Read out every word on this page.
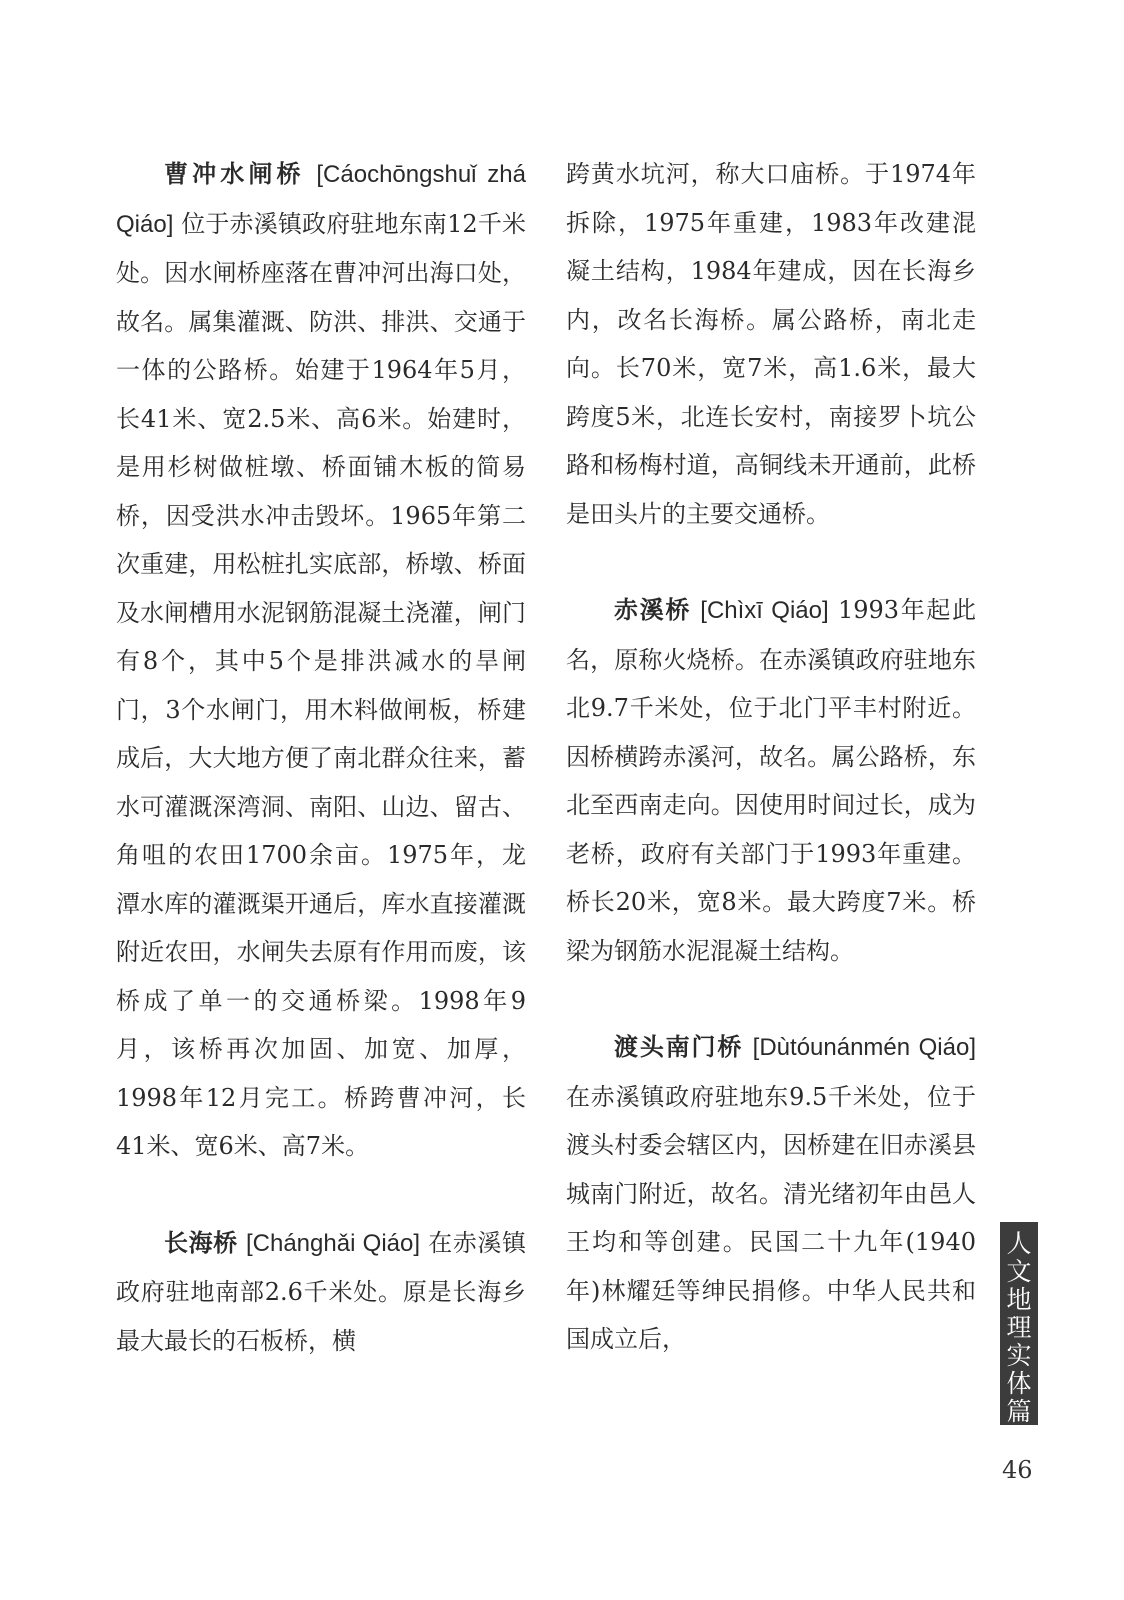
曹冲水闸桥 [Cáochōngshuǐ zhá Qiáo] 位于赤溪镇政府驻地东南12千米处。因水闸桥座落在曹冲河出海口处，故名。属集灌溉、防洪、排洪、交通于一体的公路桥。始建于1964年5月，长41米、宽2.5米、高6米。始建时，是用杉树做桩墩、桥面铺木板的简易桥，因受洪水冲击毁坏。1965年第二次重建，用松桩扎实底部，桥墩、桥面及水闸槽用水泥钢筋混凝土浇灌，闸门有8个，其中5个是排洪减水的旱闸门，3个水闸门，用木料做闸板，桥建成后，大大地方便了南北群众往来，蓄水可灌溉深湾洞、南阳、山边、留古、角咀的农田1700余亩。1975年，龙潭水库的灌溉渠开通后，库水直接灌溉附近农田，水闸失去原有作用而废，该桥成了单一的交通桥梁。1998年9月，该桥再次加固、加宽、加厚，1998年12月完工。桥跨曹冲河，长41米、宽6米、高7米。

长海桥 [Chánghǎi Qiáo] 在赤溪镇政府驻地南部2.6千米处。原是长海乡最大最长的石板桥，横

跨黄水坑河，称大口庙桥。于1974年拆除，1975年重建，1983年改建混凝土结构，1984年建成，因在长海乡内，改名长海桥。属公路桥，南北走向。长70米，宽7米，高1.6米，最大跨度5米，北连长安村，南接罗卜坑公路和杨梅村道，高铜线未开通前，此桥是田头片的主要交通桥。

赤溪桥 [Chìxī Qiáo] 1993年起此名，原称火烧桥。在赤溪镇政府驻地东北9.7千米处，位于北门平丰村附近。因桥横跨赤溪河，故名。属公路桥，东北至西南走向。因使用时间过长，成为老桥，政府有关部门于1993年重建。桥长20米，宽8米。最大跨度7米。桥梁为钢筋水泥混凝土结构。

渡头南门桥 [Dùtóunánmén Qiáo] 在赤溪镇政府驻地东9.5千米处，位于渡头村委会辖区内，因桥建在旧赤溪县城南门附近，故名。清光绪初年由邑人王均和等创建。民国二十九年(1940年)林耀廷等绅民捐修。中华人民共和国成立后，

人文地理实体篇
46
